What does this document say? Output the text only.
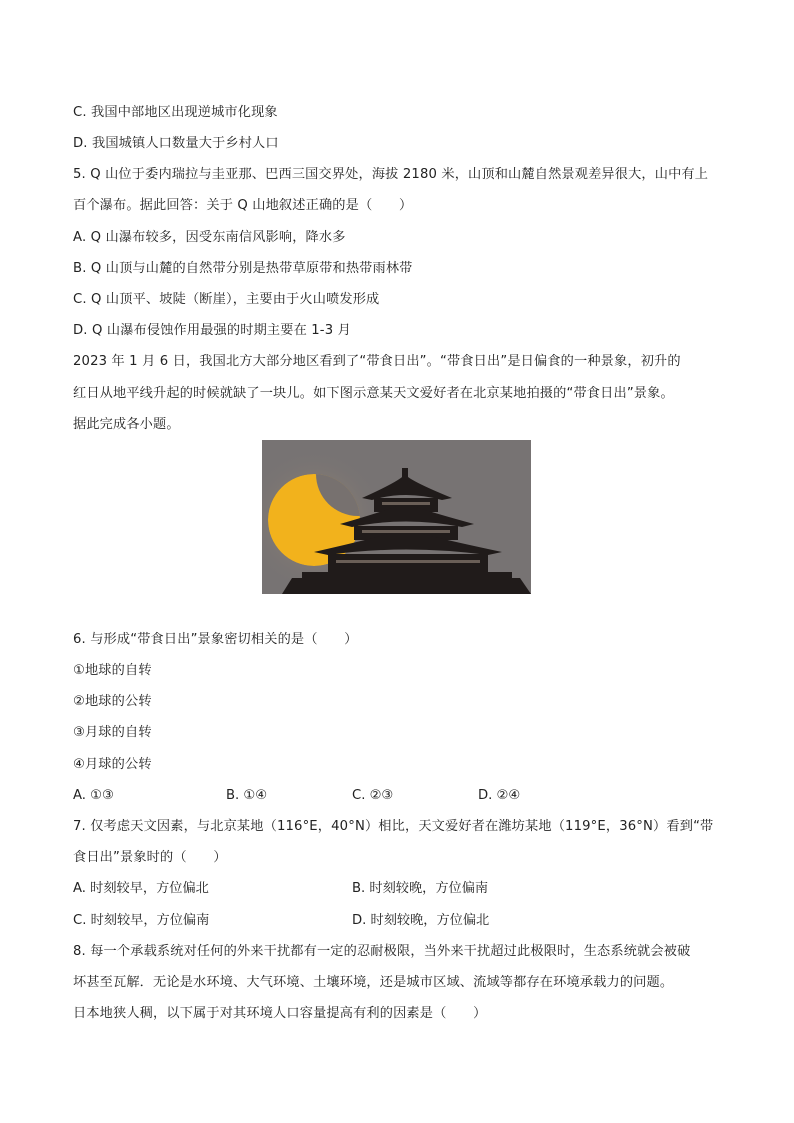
C. 我国中部地区出现逆城市化现象
D. 我国城镇人口数量大于乡村人口
5. Q 山位于委内瑞拉与圭亚那、巴西三国交界处，海拔 2180 米，山顶和山麓自然景观差异很大，山中有上
百个瀑布。据此回答：关于 Q 山地叙述正确的是（　　）
A. Q 山瀑布较多，因受东南信风影响，降水多
B. Q 山顶与山麓的自然带分别是热带草原带和热带雨林带
C. Q 山顶平、坡陡（断崖），主要由于火山喷发形成
D. Q 山瀑布侵蚀作用最强的时期主要在 1-3 月
2023 年 1 月 6 日，我国北方大部分地区看到了“带食日出”。“带食日出”是日偏食的一种景象，初升的
红日从地平线升起的时候就缺了一块儿。如下图示意某天文爱好者在北京某地拍摄的“带食日出”景象。
据此完成各小题。
6. 与形成“带食日出”景象密切相关的是（　　）
①地球的自转
②地球的公转
③月球的自转
④月球的公转
A. ①③	B. ①④	C. ②③	D. ②④
7. 仅考虑天文因素，与北京某地（116°E，40°N）相比，天文爱好者在潍坊某地（119°E，36°N）看到“带
食日出”景象时的（　　）
A. 时刻较早，方位偏北	B. 时刻较晚，方位偏南
C. 时刻较早，方位偏南	D. 时刻较晚，方位偏北
8. 每一个承载系统对任何的外来干扰都有一定的忍耐极限，当外来干扰超过此极限时，生态系统就会被破
坏甚至瓦解．无论是水环境、大气环境、土壤环境，还是城市区域、流域等都存在环境承载力的问题。
日本地狭人稠，以下属于对其环境人口容量提高有利的因素是（　　）
